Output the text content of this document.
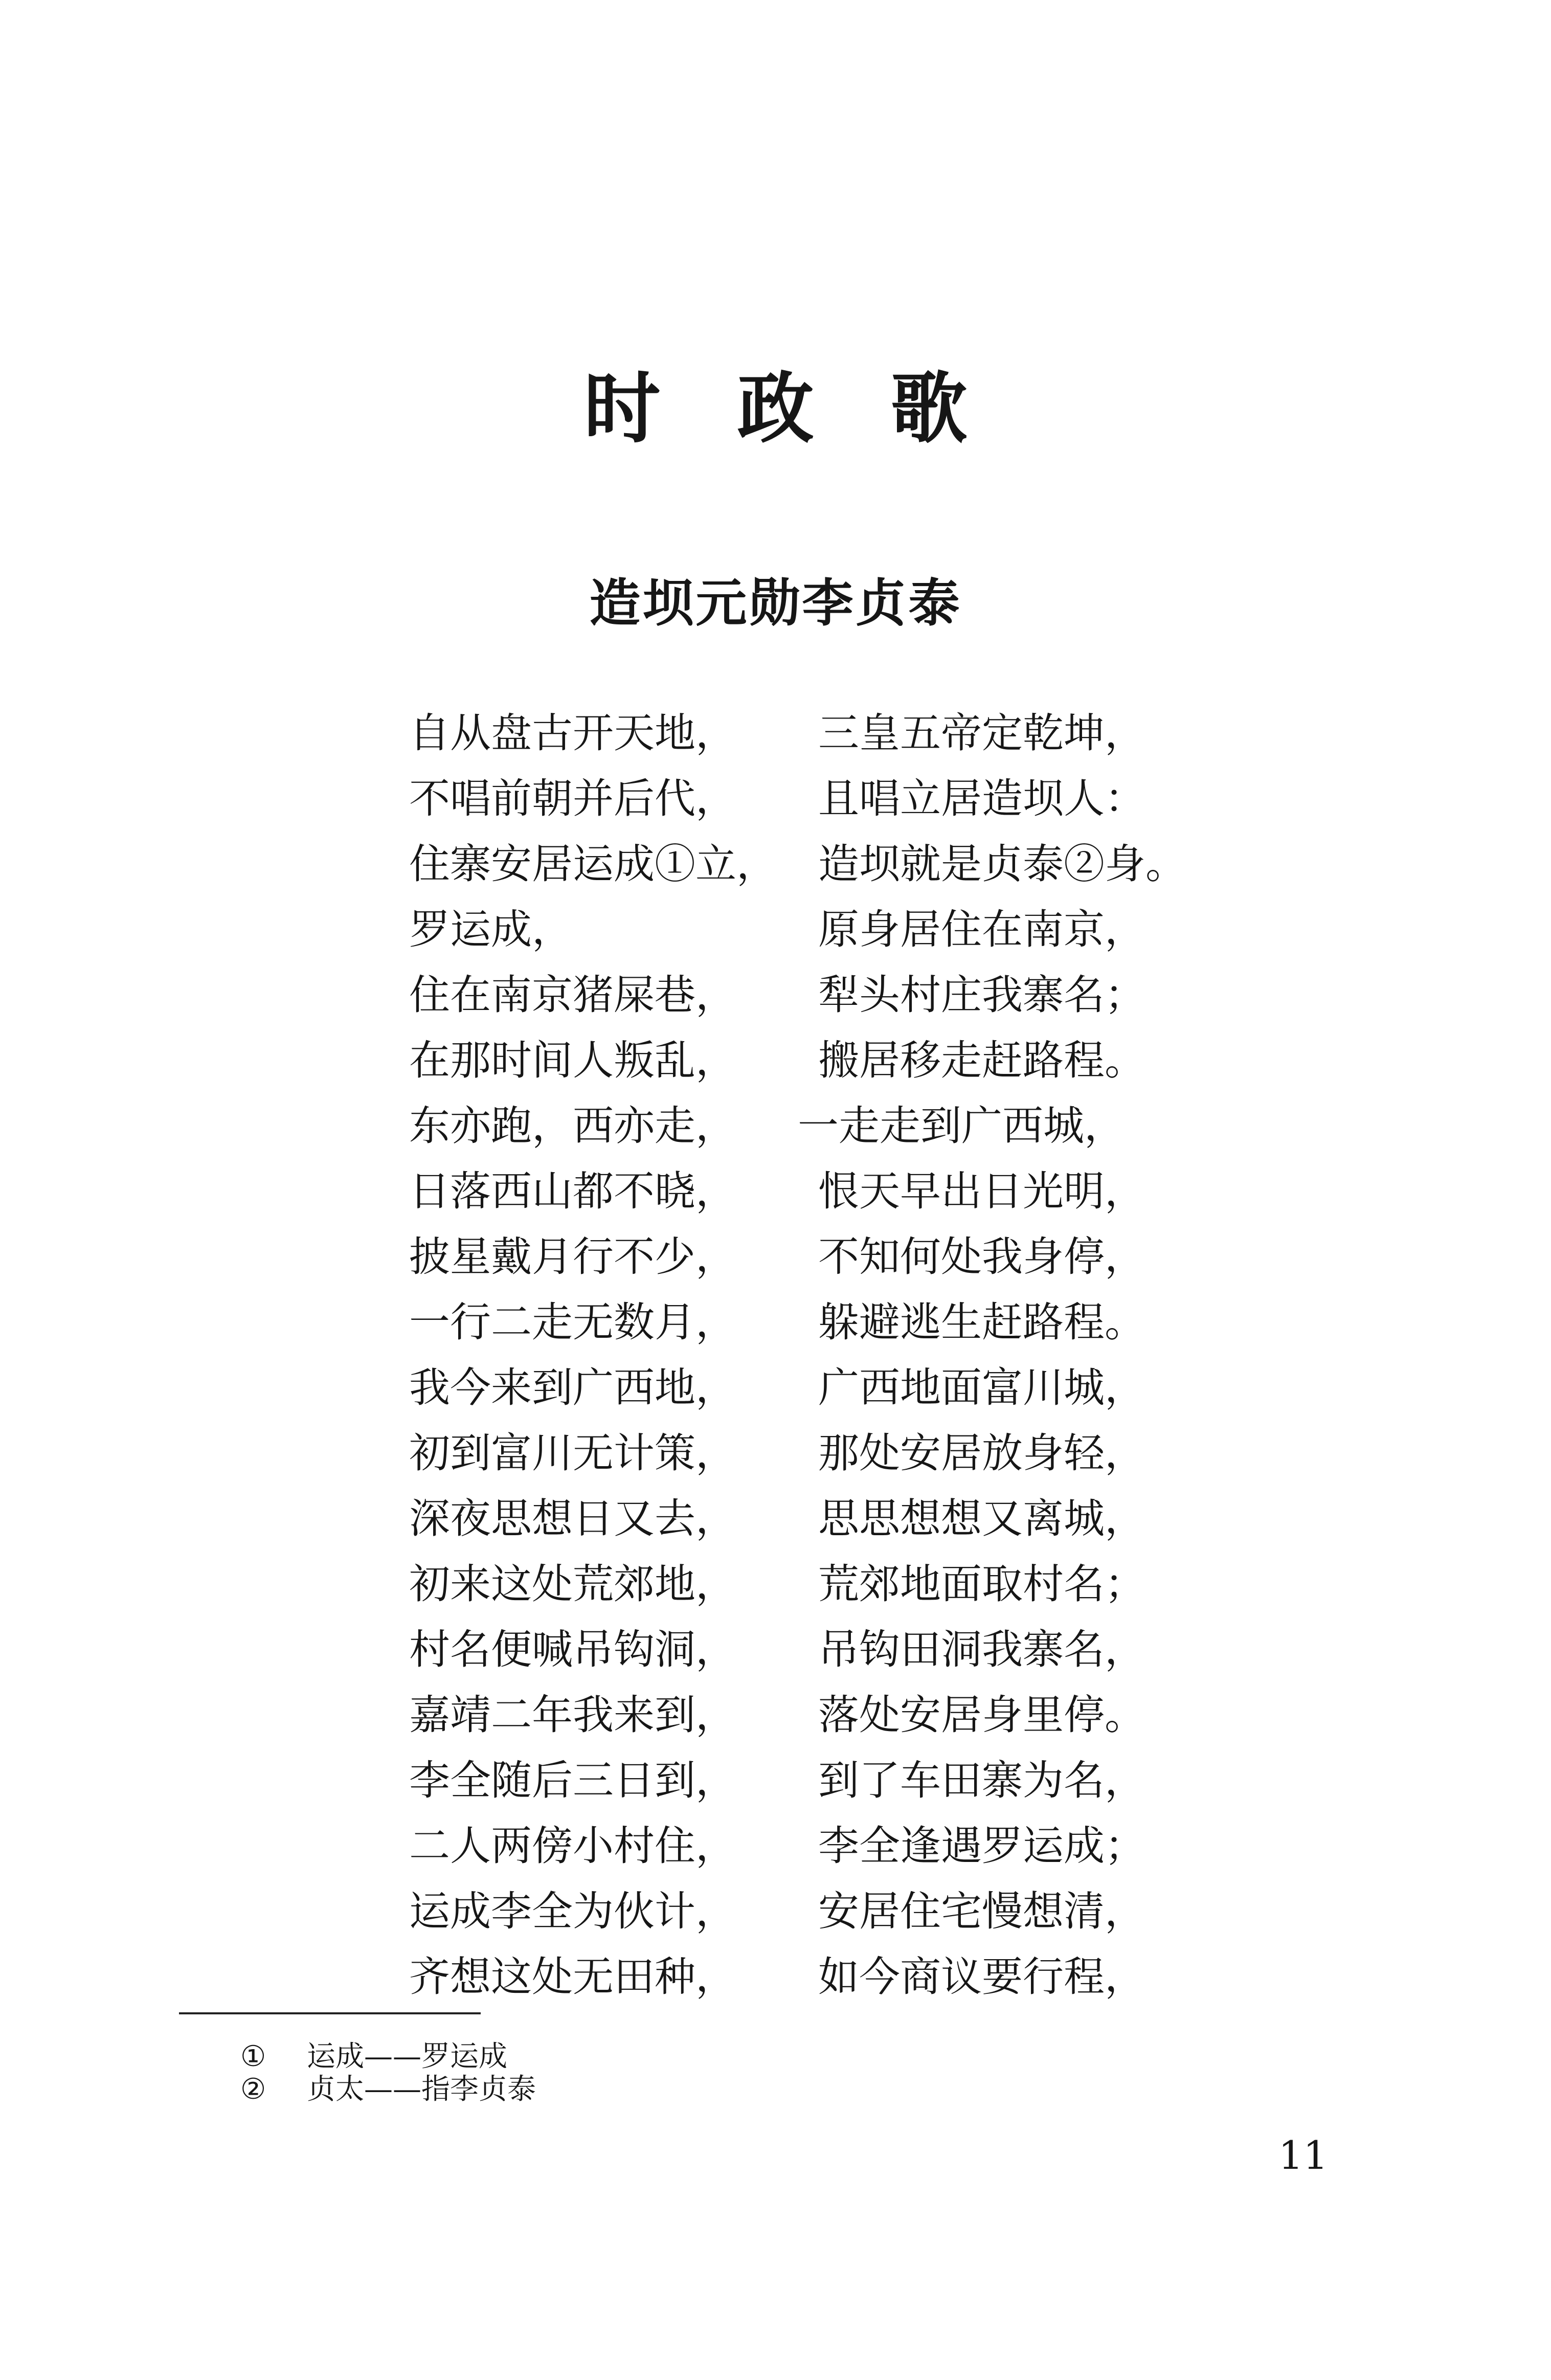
时政歌
造坝元勋李贞泰
自从盘古开天地， 三皇五帝定乾坤，
不唱前朝并后代， 且唱立居造坝人：
住寨安居运成①立， 造坝就是贞泰②身。
罗运成，	原身居住在南京，
住在南京猪屎巷， 犁头村庄我寨名；
在那时间人叛乱， 搬居移走赶路程。
东亦跑，西亦走， 一走走到广西城，
日落西山都不晓， 恨天早出日光明，
披星戴月行不少， 不知何处我身停，
一行二走无数月， 躲避逃生赶路程。
我今来到广西地， 广西地面富川城，
初到富川无计策， 那处安居放身轻，
深夜思想日又去， 思思想想又离城，
初来这处荒郊地， 荒郊地面取村名；
村名便喊吊钩洞， 吊钩田洞我寨名，
嘉靖二年我来到， 落处安居身里停。
李全随后三日到， 到了车田寨为名，
二人两傍小村住， 李全逢遇罗运成；
运成李全为伙计， 安居住宅慢想清，
齐想这处无田种， 如今商议要行程，
① 运成——罗运成
② 贞太——指李贞泰
11
